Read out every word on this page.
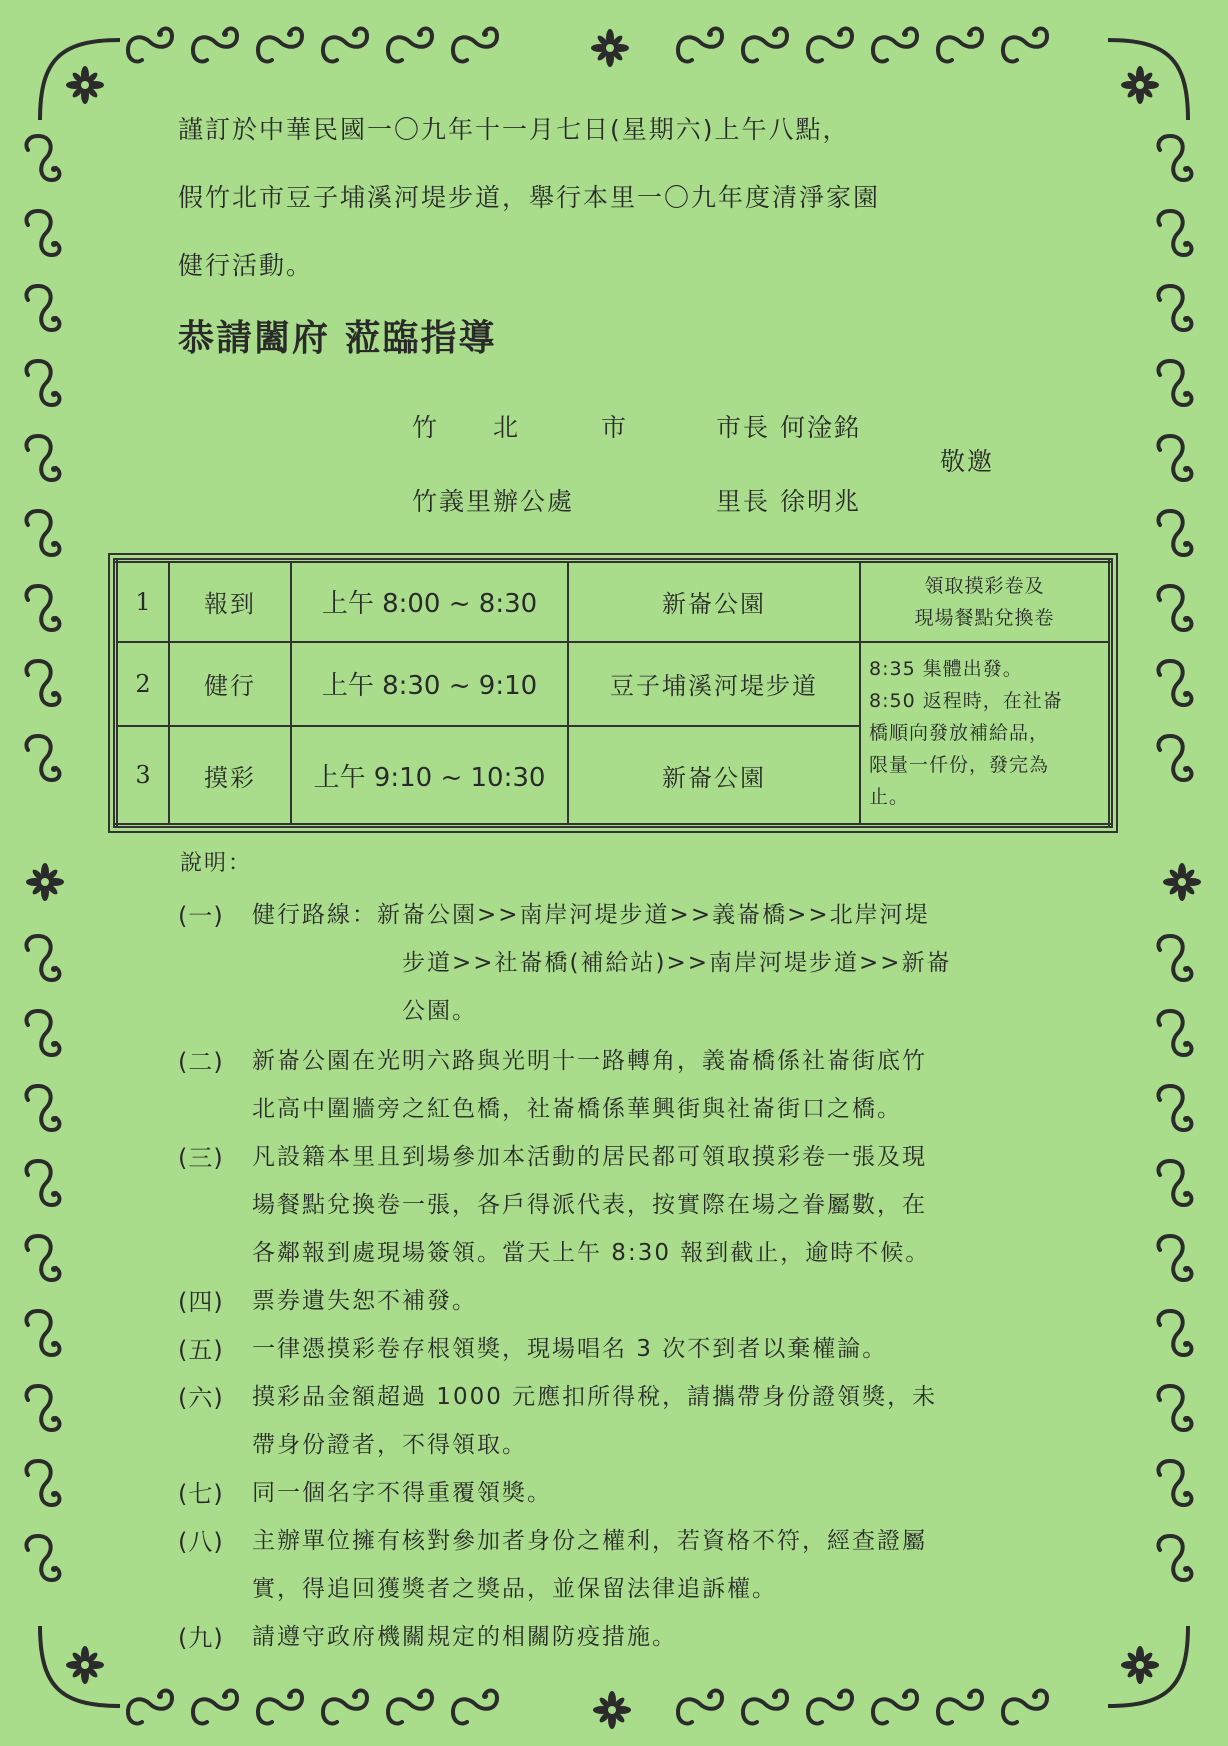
謹訂於中華民國一〇九年十一月七日(星期六)上午八點，
假竹北市豆子埔溪河堤步道，舉行本里一〇九年度清淨家園
健行活動。
恭請闔府 蒞臨指導
竹　　北　　　市	市長 何淦銘
敬邀
竹義里辦公處	里長 徐明兆
1	報到	上午 8:00 ~ 8:30	新崙公園	領取摸彩卷及
現場餐點兌換卷

2	健行	上午 8:30 ~ 9:10	豆子埔溪河堤步道	8:35 集體出發。
8:50 返程時，在社崙
橋順向發放補給品，
限量一仟份，發完為
止。

3	摸彩	上午 9:10 ~ 10:30	新崙公園	
說明：
(一) 健行路線：新崙公園>>南岸河堤步道>>義崙橋>>北岸河堤
步道>>社崙橋(補給站)>>南岸河堤步道>>新崙
公園。
(二) 新崙公園在光明六路與光明十一路轉角，義崙橋係社崙街底竹
北高中圍牆旁之紅色橋，社崙橋係華興街與社崙街口之橋。
(三) 凡設籍本里且到場參加本活動的居民都可領取摸彩卷一張及現
場餐點兌換卷一張，各戶得派代表，按實際在場之眷屬數，在
各鄰報到處現場簽領。當天上午 8:30 報到截止，逾時不候。
(四) 票券遺失恕不補發。
(五) 一律憑摸彩卷存根領獎，現場唱名 3 次不到者以棄權論。
(六) 摸彩品金額超過 1000 元應扣所得稅，請攜帶身份證領獎，未
帶身份證者，不得領取。
(七) 同一個名字不得重覆領獎。
(八) 主辦單位擁有核對參加者身份之權利，若資格不符，經查證屬
實，得追回獲獎者之獎品，並保留法律追訴權。
(九) 請遵守政府機關規定的相關防疫措施。
